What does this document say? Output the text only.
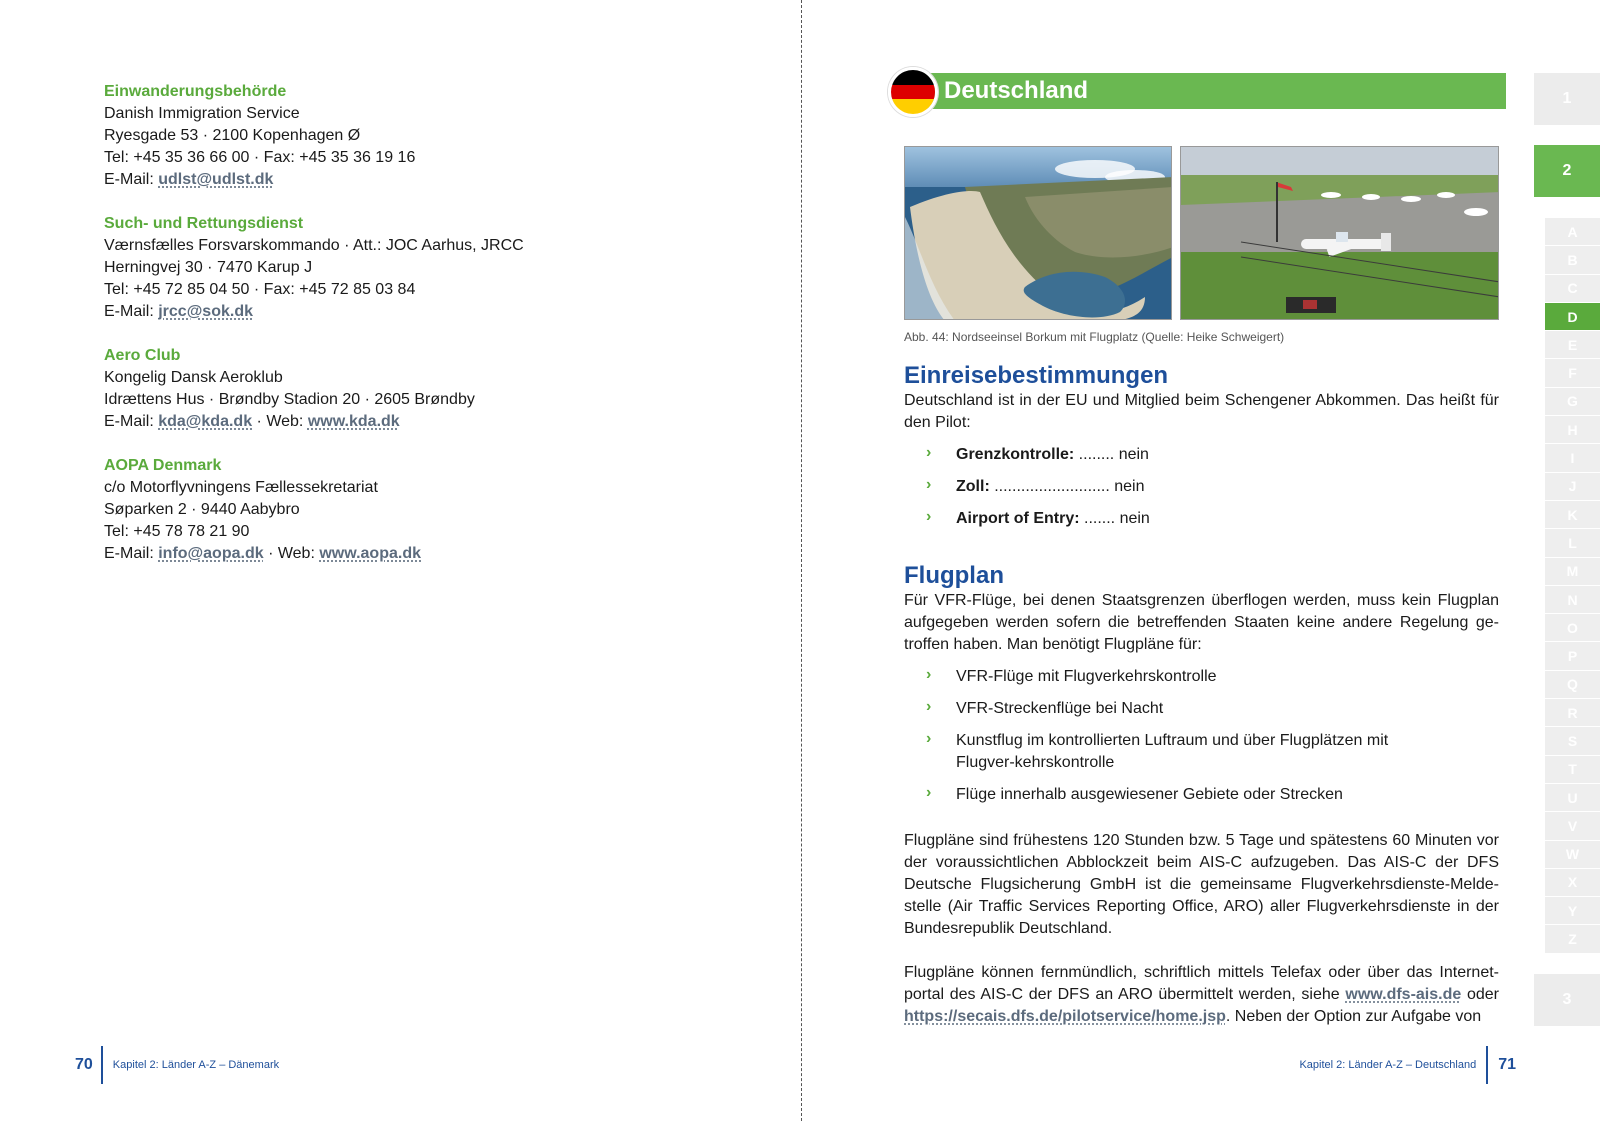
Einwanderungsbehörde
Danish Immigration Service
Ryesgade 53 · 2100 Kopenhagen Ø
Tel: +45 35 36 66 00 · Fax: +45 35 36 19 16
E-Mail: udlst@udlst.dk
Such- und Rettungsdienst
Værnsfælles Forsvarskommando · Att.: JOC Aarhus, JRCC
Herningvej 30 · 7470 Karup J
Tel: +45 72 85 04 50 · Fax: +45 72 85 03 84
E-Mail: jrcc@sok.dk
Aero Club
Kongelig Dansk Aeroklub
Idrættens Hus · Brøndby Stadion 20 · 2605 Brøndby
E-Mail: kda@kda.dk · Web: www.kda.dk
AOPA Denmark
c/o Motorflyvningens Fællessekretariat
Søparken 2 · 9440 Aabybro
Tel: +45 78 78 21 90
E-Mail: info@aopa.dk · Web: www.aopa.dk
70 Kapitel 2: Länder A-Z – Dänemark
Deutschland
Abb. 44: Nordseeinsel Borkum mit Flugplatz (Quelle: Heike Schweigert)
Einreisebestimmungen
Deutschland ist in der EU und Mitglied beim Schengener Abkommen. Das heißt für den Pilot:
› Grenzkontrolle: ........ nein
› Zoll: .......................... nein
› Airport of Entry: ....... nein
Flugplan
Für VFR-Flüge, bei denen Staatsgrenzen überflogen werden, muss kein Flugplan aufgegeben werden sofern die betreffenden Staaten keine andere Regelung ge-troffen haben. Man benötigt Flugpläne für:
› VFR-Flüge mit Flugverkehrskontrolle
› VFR-Streckenflüge bei Nacht
› Kunstflug im kontrollierten Luftraum und über Flugplätzen mit Flugver-kehrskontrolle
› Flüge innerhalb ausgewiesener Gebiete oder Strecken
Flugpläne sind frühestens 120 Stunden bzw. 5 Tage und spätestens 60 Minuten vor der voraussichtlichen Abblockzeit beim AIS-C aufzugeben. Das AIS-C der DFS Deutsche Flugsicherung GmbH ist die gemeinsame Flugverkehrsdienste-Melde-stelle (Air Traffic Services Reporting Office, ARO) aller Flugverkehrsdienste in der Bundesrepublik Deutschland.
Flugpläne können fernmündlich, schriftlich mittels Telefax oder über das Internet-portal des AIS-C der DFS an ARO übermittelt werden, siehe www.dfs-ais.de oder https://secais.dfs.de/pilotservice/home.jsp. Neben der Option zur Aufgabe von
Kapitel 2: Länder A-Z – Deutschland 71
1
2
A
B
C
D
E
F
G
H
I
J
K
L
M
N
O
P
Q
R
S
T
U
V
W
X
Y
Z
3
